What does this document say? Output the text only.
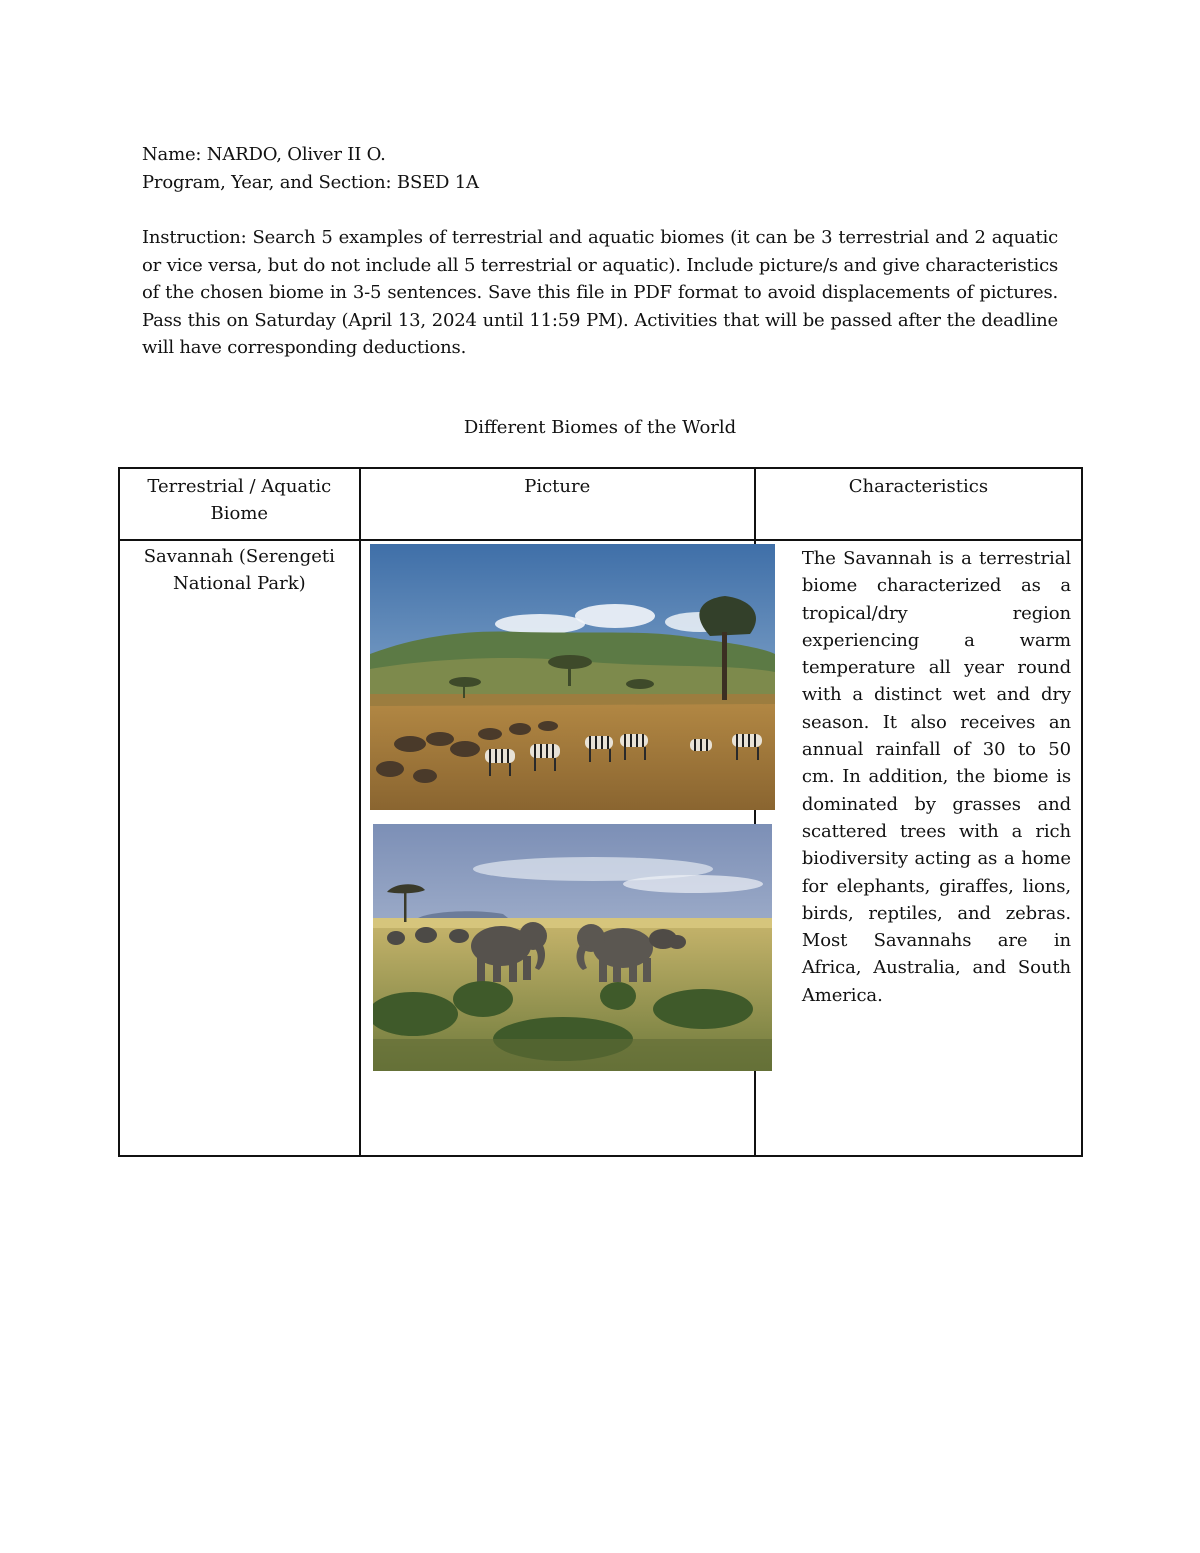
Name: NARDO, Oliver II O.
Program, Year, and Section: BSED 1A
Instruction: Search 5 examples of terrestrial and aquatic biomes (it can be 3 terrestrial and 2 aquatic or vice versa, but do not include all 5 terrestrial or aquatic). Include picture/s and give characteristics of the chosen biome in 3-5 sentences. Save this file in PDF format to avoid displacements of pictures. Pass this on Saturday (April 13, 2024 until 11:59 PM). Activities that will be passed after the deadline will have corresponding deductions.
Different Biomes of the World
Terrestrial / Aquatic Biome	Picture	Characteristics

Savannah (Serengeti National Park)		The Savannah is a terrestrial biome characterized as a tropical/dry region experiencing a warm temperature all year round with a distinct wet and dry season. It also receives an annual rainfall of 30 to 50 cm. In addition, the biome is dominated by grasses and scattered trees with a rich biodiversity acting as a home for elephants, giraffes, lions, birds, reptiles, and zebras. Most Savannahs are in Africa, Australia, and South America.
